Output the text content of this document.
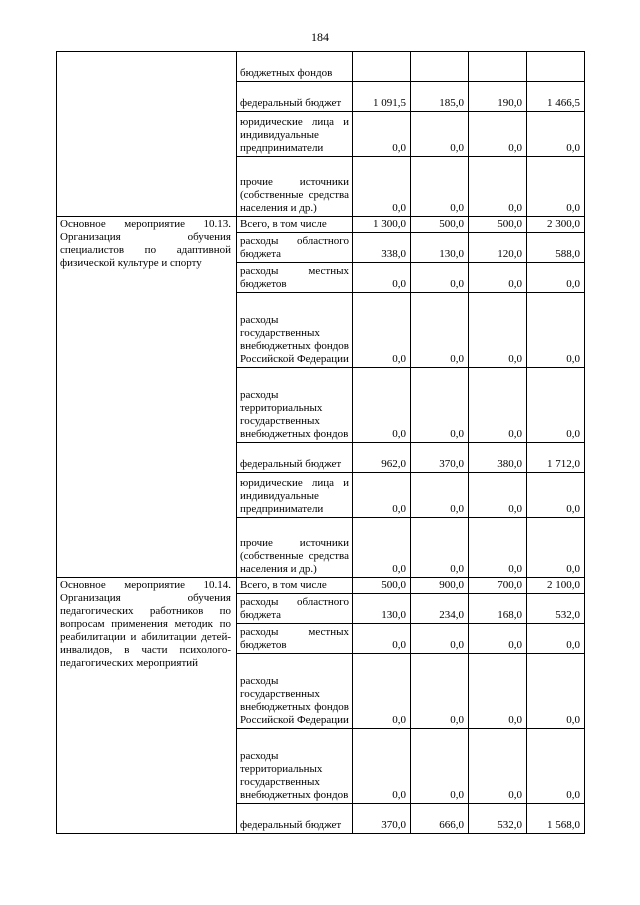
184
	бюджетных фондов				
	федеральный бюджет	1 091,5	185,0	190,0	1 466,5
	юридические лица и индивидуальные предприниматели	0,0	0,0	0,0	0,0
	прочие источники (собственные средства населения и др.)	0,0	0,0	0,0	0,0
Основное мероприятие 10.13. Организация обучения специалистов по адаптивной физической культуре и спорту	Всего, в том числе	1 300,0	500,0	500,0	2 300,0
	расходы областного бюджета	338,0	130,0	120,0	588,0
	расходы местных бюджетов	0,0	0,0	0,0	0,0
	расходы государственных внебюджетных фондов Российской Федерации	0,0	0,0	0,0	0,0
	расходы территориальных государственных внебюджетных фондов	0,0	0,0	0,0	0,0
	федеральный бюджет	962,0	370,0	380,0	1 712,0
	юридические лица и индивидуальные предприниматели	0,0	0,0	0,0	0,0
	прочие источники (собственные средства населения и др.)	0,0	0,0	0,0	0,0
Основное мероприятие 10.14. Организация обучения педагогических работников по вопросам применения методик по реабилитации и абилитации детей-инвалидов, в части психолого-педагогических мероприятий	Всего, в том числе	500,0	900,0	700,0	2 100,0
	расходы областного бюджета	130,0	234,0	168,0	532,0
	расходы местных бюджетов	0,0	0,0	0,0	0,0
	расходы государственных внебюджетных фондов Российской Федерации	0,0	0,0	0,0	0,0
	расходы территориальных государственных внебюджетных фондов	0,0	0,0	0,0	0,0
	федеральный бюджет	370,0	666,0	532,0	1 568,0
